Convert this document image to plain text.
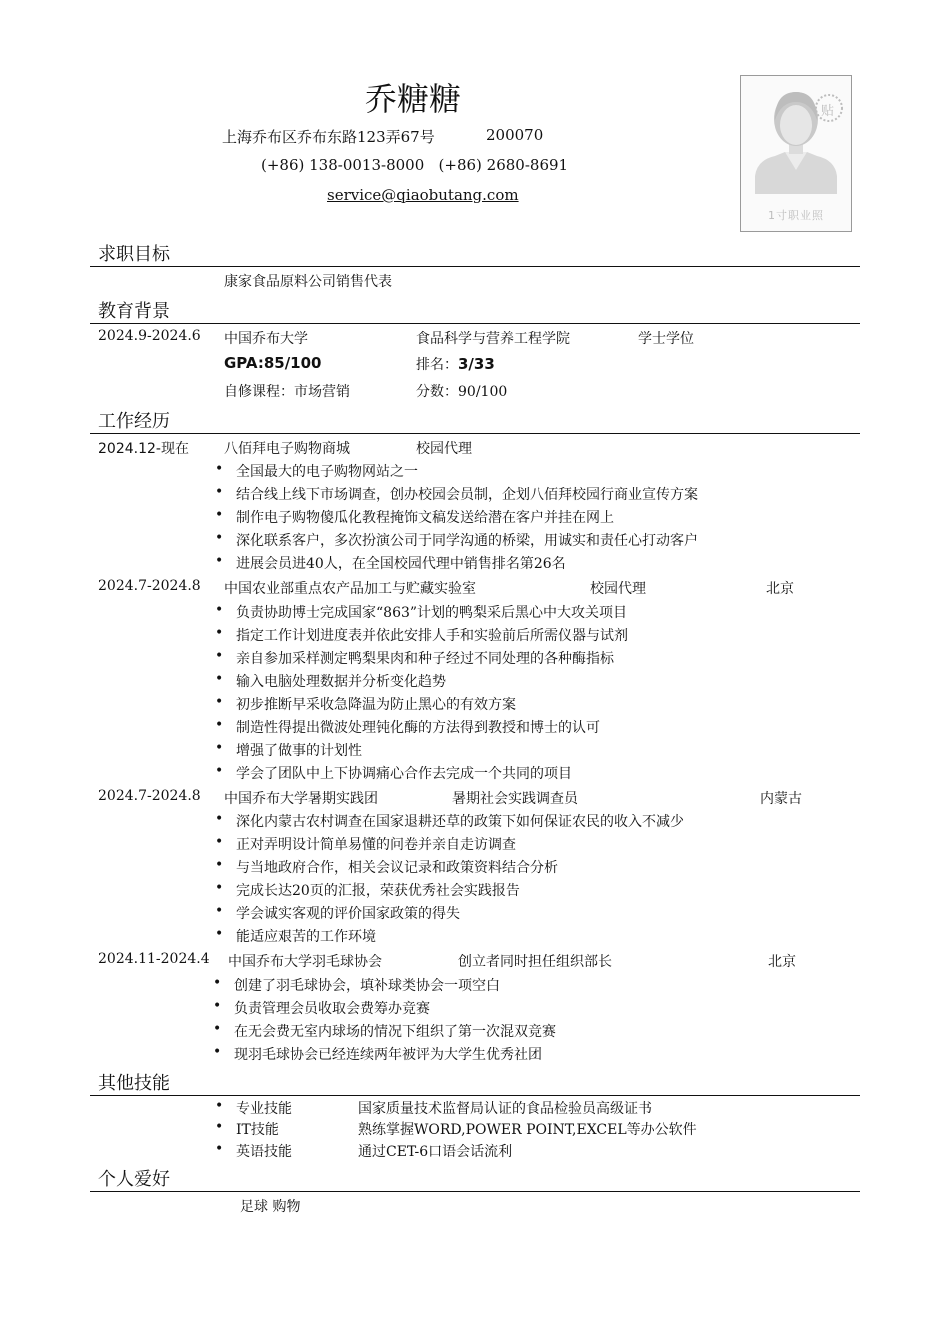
乔糖糖
上海乔布区乔布东路123弄67号	200070
(+86) 138-0013-8000   (+86) 2680-8691
service@qiaobutang.com
贴
1寸职业照
求职目标
康家食品原料公司销售代表
教育背景
2024.9-2024.6 中国乔布大学	食品科学与营养工程学院	学士学位
GPA:85/100	排名：3/33
自修课程：市场营销	分数：90/100
工作经历
2024.12-现在	八佰拜电子购物商城	校园代理
• 全国最大的电子购物网站之一
• 结合线上线下市场调查，创办校园会员制，企划八佰拜校园行商业宣传方案
• 制作电子购物傻瓜化教程掩饰文稿发送给潜在客户并挂在网上
• 深化联系客户，多次扮演公司于同学沟通的桥梁，用诚实和责任心打动客户
• 进展会员进40人，在全国校园代理中销售排名第26名
2024.7-2024.8 中国农业部重点农产品加工与贮藏实验室	校园代理	北京
• 负责协助博士完成国家“863”计划的鸭梨采后黑心中大攻关项目
• 指定工作计划进度表并依此安排人手和实验前后所需仪器与试剂
• 亲自参加采样测定鸭梨果肉和种子经过不同处理的各种酶指标
• 输入电脑处理数据并分析变化趋势
• 初步推断早采收急降温为防止黑心的有效方案
• 制造性得提出微波处理钝化酶的方法得到教授和博士的认可
• 增强了做事的计划性
• 学会了团队中上下协调痛心合作去完成一个共同的项目
2024.7-2024.8 中国乔布大学暑期实践团	暑期社会实践调查员	内蒙古
• 深化内蒙古农村调查在国家退耕还草的政策下如何保证农民的收入不减少
• 正对弄明设计简单易懂的问卷并亲自走访调查
• 与当地政府合作，相关会议记录和政策资料结合分析
• 完成长达20页的汇报，荣获优秀社会实践报告
• 学会诚实客观的评价国家政策的得失
• 能适应艰苦的工作环境
2024.11-2024.4 中国乔布大学羽毛球协会	创立者同时担任组织部长	北京
• 创建了羽毛球协会，填补球类协会一项空白
• 负责管理会员收取会费筹办竞赛
• 在无会费无室内球场的情况下组织了第一次混双竞赛
• 现羽毛球协会已经连续两年被评为大学生优秀社团
其他技能
• 专业技能	国家质量技术监督局认证的食品检验员高级证书
• IT技能	熟练掌握WORD,POWER POINT,EXCEL等办公软件
• 英语技能	通过CET-6口语会话流利
个人爱好
足球 购物
